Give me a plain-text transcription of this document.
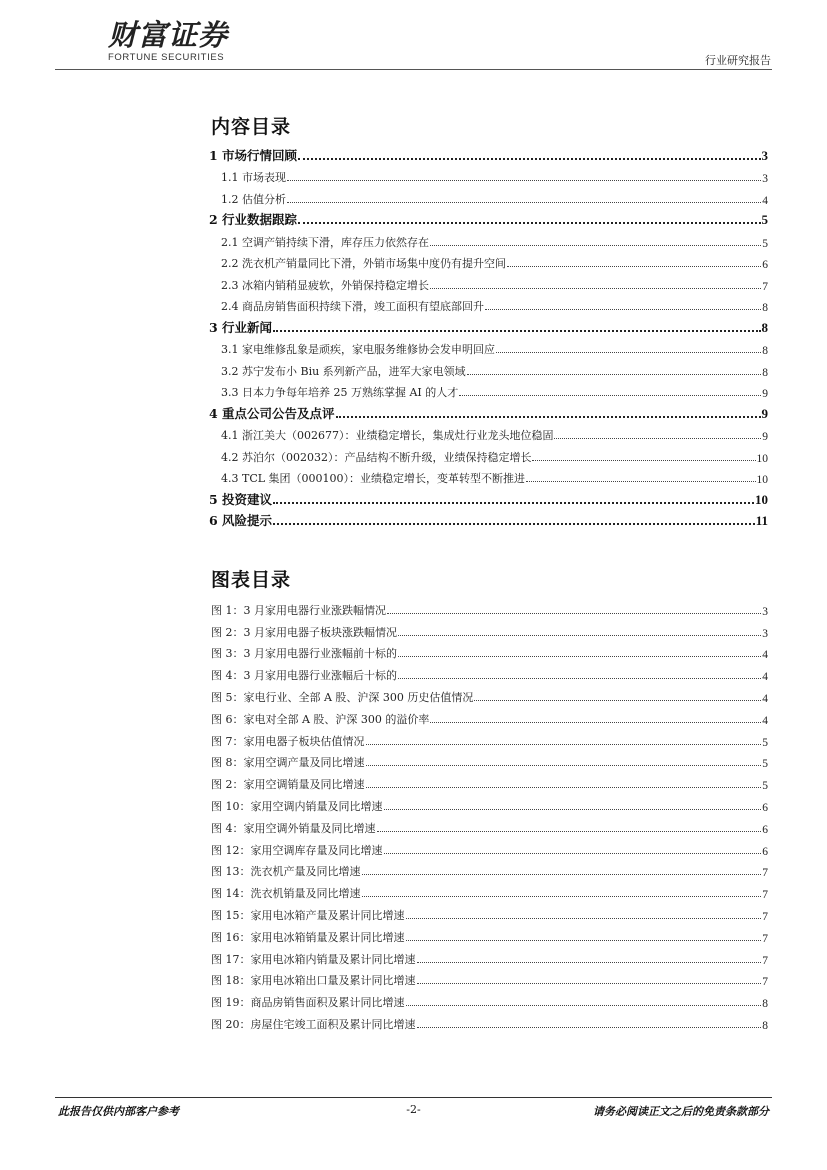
财富证券
FORTUNE SECURITIES	行业研究报告
内容目录
1 市场行情回顾	3
1.1 市场表现	3
1.2 估值分析	4
2 行业数据跟踪	5
2.1 空调产销持续下滑，库存压力依然存在	5
2.2 洗衣机产销量同比下滑，外销市场集中度仍有提升空间	6
2.3 冰箱内销稍显疲软，外销保持稳定增长	7
2.4 商品房销售面积持续下滑，竣工面积有望底部回升	8
3 行业新闻	8
3.1 家电维修乱象是顽疾，家电服务维修协会发申明回应	8
3.2 苏宁发布小 Biu 系列新产品，进军大家电领域	8
3.3 日本力争每年培养 25 万熟练掌握 AI 的人才	9
4 重点公司公告及点评	9
4.1 浙江美大（002677）：业绩稳定增长，集成灶行业龙头地位稳固	9
4.2 苏泊尔（002032）：产品结构不断升级，业绩保持稳定增长	10
4.3 TCL 集团（000100）：业绩稳定增长，变革转型不断推进	10
5 投资建议	10
6 风险提示	11
图表目录
图 1：3 月家用电器行业涨跌幅情况	3
图 2：3 月家用电器子板块涨跌幅情况	3
图 3：3 月家用电器行业涨幅前十标的	4
图 4：3 月家用电器行业涨幅后十标的	4
图 5：家电行业、全部 A 股、沪深 300 历史估值情况	4
图 6：家电对全部 A 股、沪深 300 的溢价率	4
图 7：家用电器子板块估值情况	5
图 8：家用空调产量及同比增速	5
图 2：家用空调销量及同比增速	5
图 10：家用空调内销量及同比增速	6
图 4：家用空调外销量及同比增速	6
图 12：家用空调库存量及同比增速	6
图 13：洗衣机产量及同比增速	7
图 14：洗衣机销量及同比增速	7
图 15：家用电冰箱产量及累计同比增速	7
图 16：家用电冰箱销量及累计同比增速	7
图 17：家用电冰箱内销量及累计同比增速	7
图 18：家用电冰箱出口量及累计同比增速	7
图 19：商品房销售面积及累计同比增速	8
图 20：房屋住宅竣工面积及累计同比增速	8
此报告仅供内部客户参考	-2-	请务必阅读正文之后的免责条款部分
